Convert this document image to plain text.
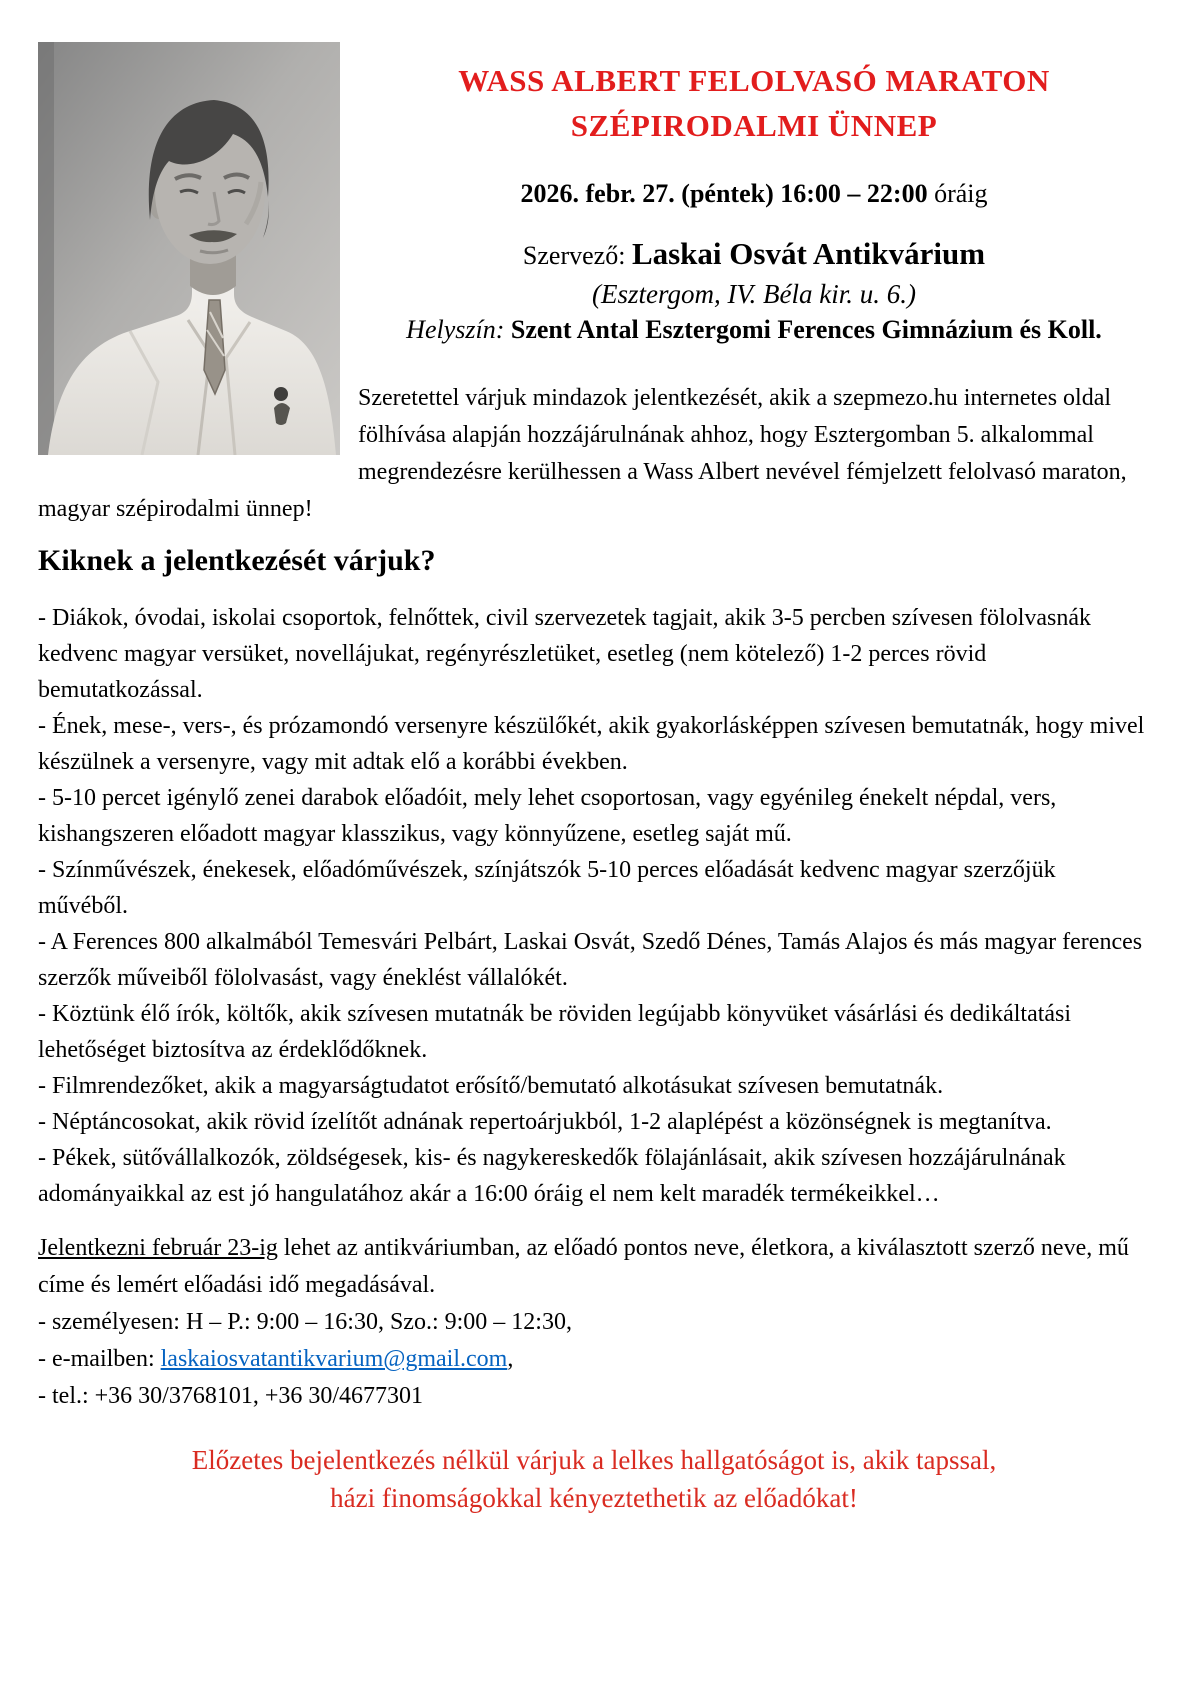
WASS ALBERT FELOLVASÓ MARATON
SZÉPIRODALMI ÜNNEP

2026. febr. 27. (péntek) 16:00 – 22:00 óráig

Szervező: Laskai Osvát Antikvárium

(Esztergom, IV. Béla kir. u. 6.)

Helyszín: Szent Antal Esztergomi Ferences Gimnázium és Koll.

Szeretettel várjuk mindazok jelentkezését, akik a szepmezo.hu internetes oldal fölhívása alapján hozzájárulnának ahhoz, hogy Esztergomban 5. alkalommal megrendezésre kerülhessen a Wass Albert nevével fémjelzett felolvasó maraton, magyar szépirodalmi ünnep!

Kiknek a jelentkezését várjuk?

- Diákok, óvodai, iskolai csoportok, felnőttek, civil szervezetek tagjait, akik 3-5 percben szívesen fölolvasnák kedvenc magyar versüket, novellájukat, regényrészletüket, esetleg (nem kötelező) 1-2 perces rövid bemutatkozással.

- Ének, mese-, vers-, és prózamondó versenyre készülőkét, akik gyakorlásképpen szívesen bemutatnák, hogy mivel készülnek a versenyre, vagy mit adtak elő a korábbi években.

- 5-10 percet igénylő zenei darabok előadóit, mely lehet csoportosan, vagy egyénileg énekelt népdal, vers, kishangszeren előadott magyar klasszikus, vagy könnyűzene, esetleg saját mű.

- Színművészek, énekesek, előadóművészek, színjátszók 5-10 perces előadását kedvenc magyar szerzőjük művéből.

- A Ferences 800 alkalmából Temesvári Pelbárt, Laskai Osvát, Szedő Dénes, Tamás Alajos és más magyar ferences szerzők műveiből fölolvasást, vagy éneklést vállalókét.

- Köztünk élő írók, költők, akik szívesen mutatnák be röviden legújabb könyvüket vásárlási és dedikáltatási lehetőséget biztosítva az érdeklődőknek.

- Filmrendezőket, akik a magyarságtudatot erősítő/bemutató alkotásukat szívesen bemutatnák.

- Néptáncosokat, akik rövid ízelítőt adnának repertoárjukból, 1-2 alaplépést a közönségnek is megtanítva.

- Pékek, sütővállalkozók, zöldségesek, kis- és nagykereskedők fölajánlásait, akik szívesen hozzájárulnának adományaikkal az est jó hangulatához akár a 16:00 óráig el nem kelt maradék termékeikkel…

Jelentkezni február 23-ig lehet az antikváriumban, az előadó pontos neve, életkora, a kiválasztott szerző neve, mű címe és lemért előadási idő megadásával.

- személyesen: H – P.: 9:00 – 16:30, Szo.: 9:00 – 12:30,

- e-mailben: laskaiosvatantikvarium@gmail.com,

- tel.: +36 30/3768101, +36 30/4677301

Előzetes bejelentkezés nélkül várjuk a lelkes hallgatóságot is, akik tapssal,
házi finomságokkal kényeztethetik az előadókat!
